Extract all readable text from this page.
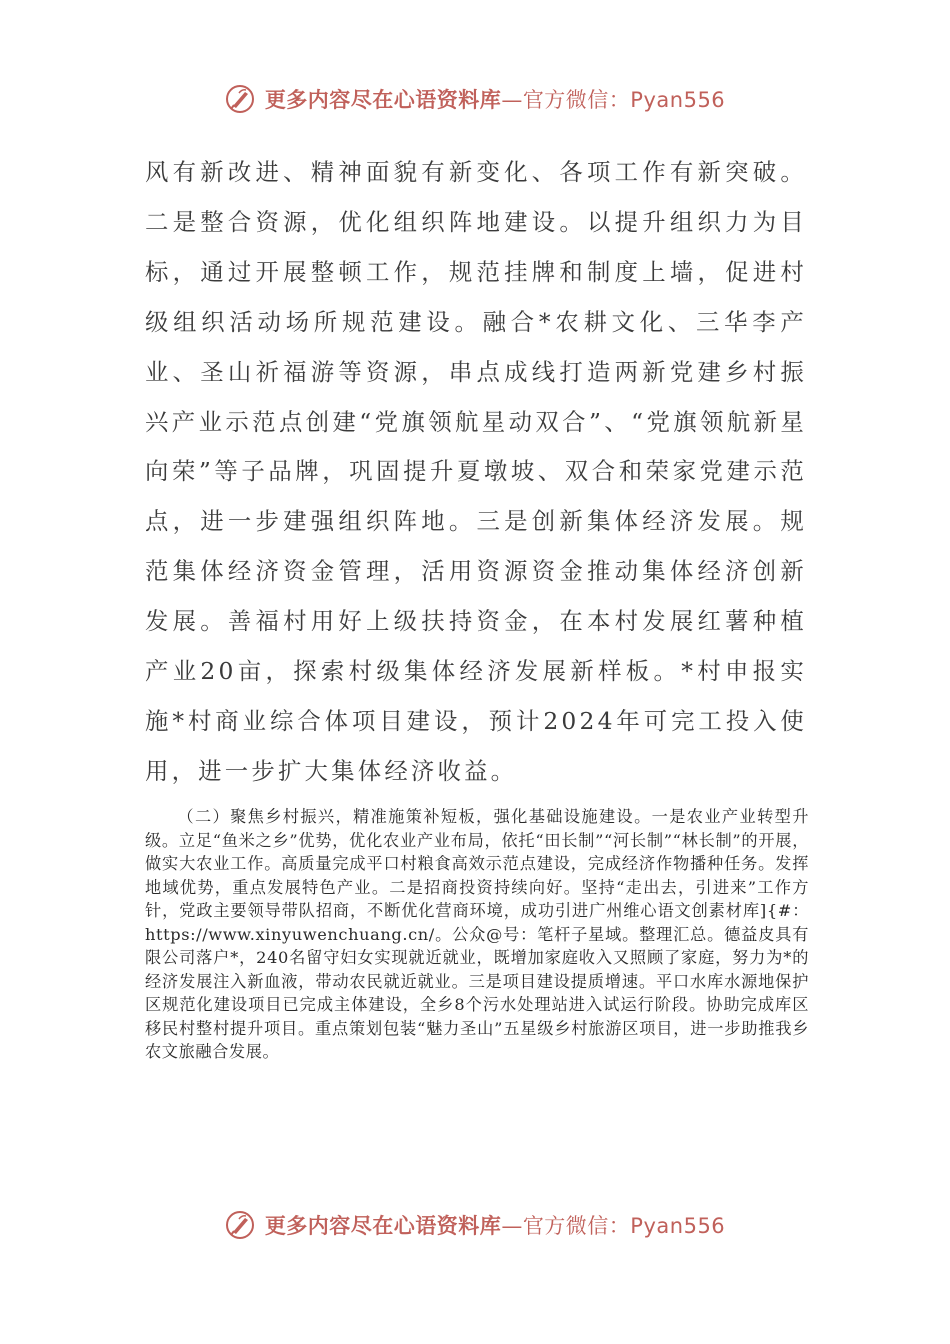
更多内容尽在心语资料库—官方微信：Pyan556

风有新改进、精神面貌有新变化、各项工作有新突破。二是整合资源，优化组织阵地建设。以提升组织力为目标，通过开展整顿工作，规范挂牌和制度上墙，促进村级组织活动场所规范建设。融合*农耕文化、三华李产业、圣山祈福游等资源，串点成线打造两新党建乡村振兴产业示范点创建“党旗领航星动双合”、“党旗领航新星向荣”等子品牌，巩固提升夏墩坡、双合和荣家党建示范点，进一步建强组织阵地。三是创新集体经济发展。规范集体经济资金管理，活用资源资金推动集体经济创新发展。善福村用好上级扶持资金，在本村发展红薯种植产业20亩，探索村级集体经济发展新样板。*村申报实施*村商业综合体项目建设，预计2024年可完工投入使用，进一步扩大集体经济收益。

（二）聚焦乡村振兴，精准施策补短板，强化基础设施建设。一是农业产业转型升级。立足“鱼米之乡”优势，优化农业产业布局，依托“田长制”“河长制”“林长制”的开展，做实大农业工作。高质量完成平口村粮食高效示范点建设，完成经济作物播种任务。发挥地域优势，重点发展特色产业。二是招商投资持续向好。坚持“走出去，引进来”工作方针，党政主要领导带队招商，不断优化营商环境，成功引进广州维心语文创素材库]{#：https://www.xinyuwenchuang.cn/。公众@号：笔杆子星域。整理汇总。德益皮具有限公司落户*，240名留守妇女实现就近就业，既增加家庭收入又照顾了家庭，努力为*的经济发展注入新血液，带动农民就近就业。三是项目建设提质增速。平口水库水源地保护区规范化建设项目已完成主体建设，全乡8个污水处理站进入试运行阶段。协助完成库区移民村整村提升项目。重点策划包装“魅力圣山”五星级乡村旅游区项目，进一步助推我乡农文旅融合发展。

更多内容尽在心语资料库—官方微信：Pyan556
